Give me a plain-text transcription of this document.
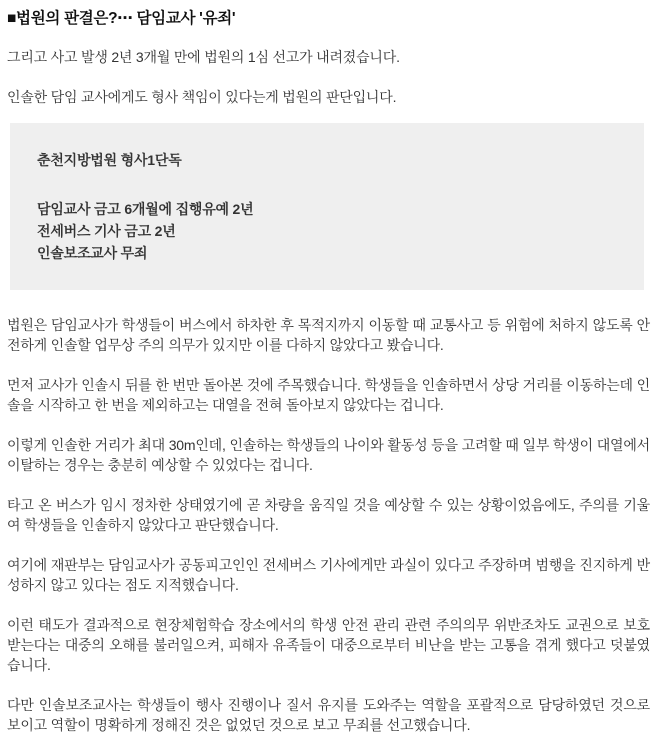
■법원의 판결은?⋯ 담임교사 '유죄'

그리고 사고 발생 2년 3개월 만에 법원의 1심 선고가 내려졌습니다.

인솔한 담임 교사에게도 형사 책임이 있다는게 법원의 판단입니다.

춘천지방법원 형사1단독
담임교사 금고 6개월에 집행유예 2년
전세버스 기사 금고 2년
인솔보조교사 무죄

법원은 담임교사가 학생들이 버스에서 하차한 후 목적지까지 이동할 때 교통사고 등 위험에 처하지 않도록 안전하게 인솔할 업무상 주의 의무가 있지만 이를 다하지 않았다고 봤습니다.

먼저 교사가 인솔시 뒤를 한 번만 돌아본 것에 주목했습니다. 학생들을 인솔하면서 상당 거리를 이동하는데 인솔을 시작하고 한 번을 제외하고는 대열을 전혀 돌아보지 않았다는 겁니다.

이렇게 인솔한 거리가 최대 30m인데, 인솔하는 학생들의 나이와 활동성 등을 고려할 때 일부 학생이 대열에서 이탈하는 경우는 충분히 예상할 수 있었다는 겁니다.

타고 온 버스가 임시 정차한 상태였기에 곧 차량을 움직일 것을 예상할 수 있는 상황이었음에도, 주의를 기울여 학생들을 인솔하지 않았다고 판단했습니다.

여기에 재판부는 담임교사가 공동피고인인 전세버스 기사에게만 과실이 있다고 주장하며 범행을 진지하게 반성하지 않고 있다는 점도 지적했습니다.

이런 태도가 결과적으로 현장체험학습 장소에서의 학생 안전 관리 관련 주의의무 위반조차도 교권으로 보호받는다는 대중의 오해를 불러일으켜, 피해자 유족들이 대중으로부터 비난을 받는 고통을 겪게 했다고 덧붙였습니다.

다만 인솔보조교사는 학생들이 행사 진행이나 질서 유지를 도와주는 역할을 포괄적으로 담당하였던 것으로 보이고 역할이 명확하게 정해진 것은 없었던 것으로 보고 무죄를 선고했습니다.
